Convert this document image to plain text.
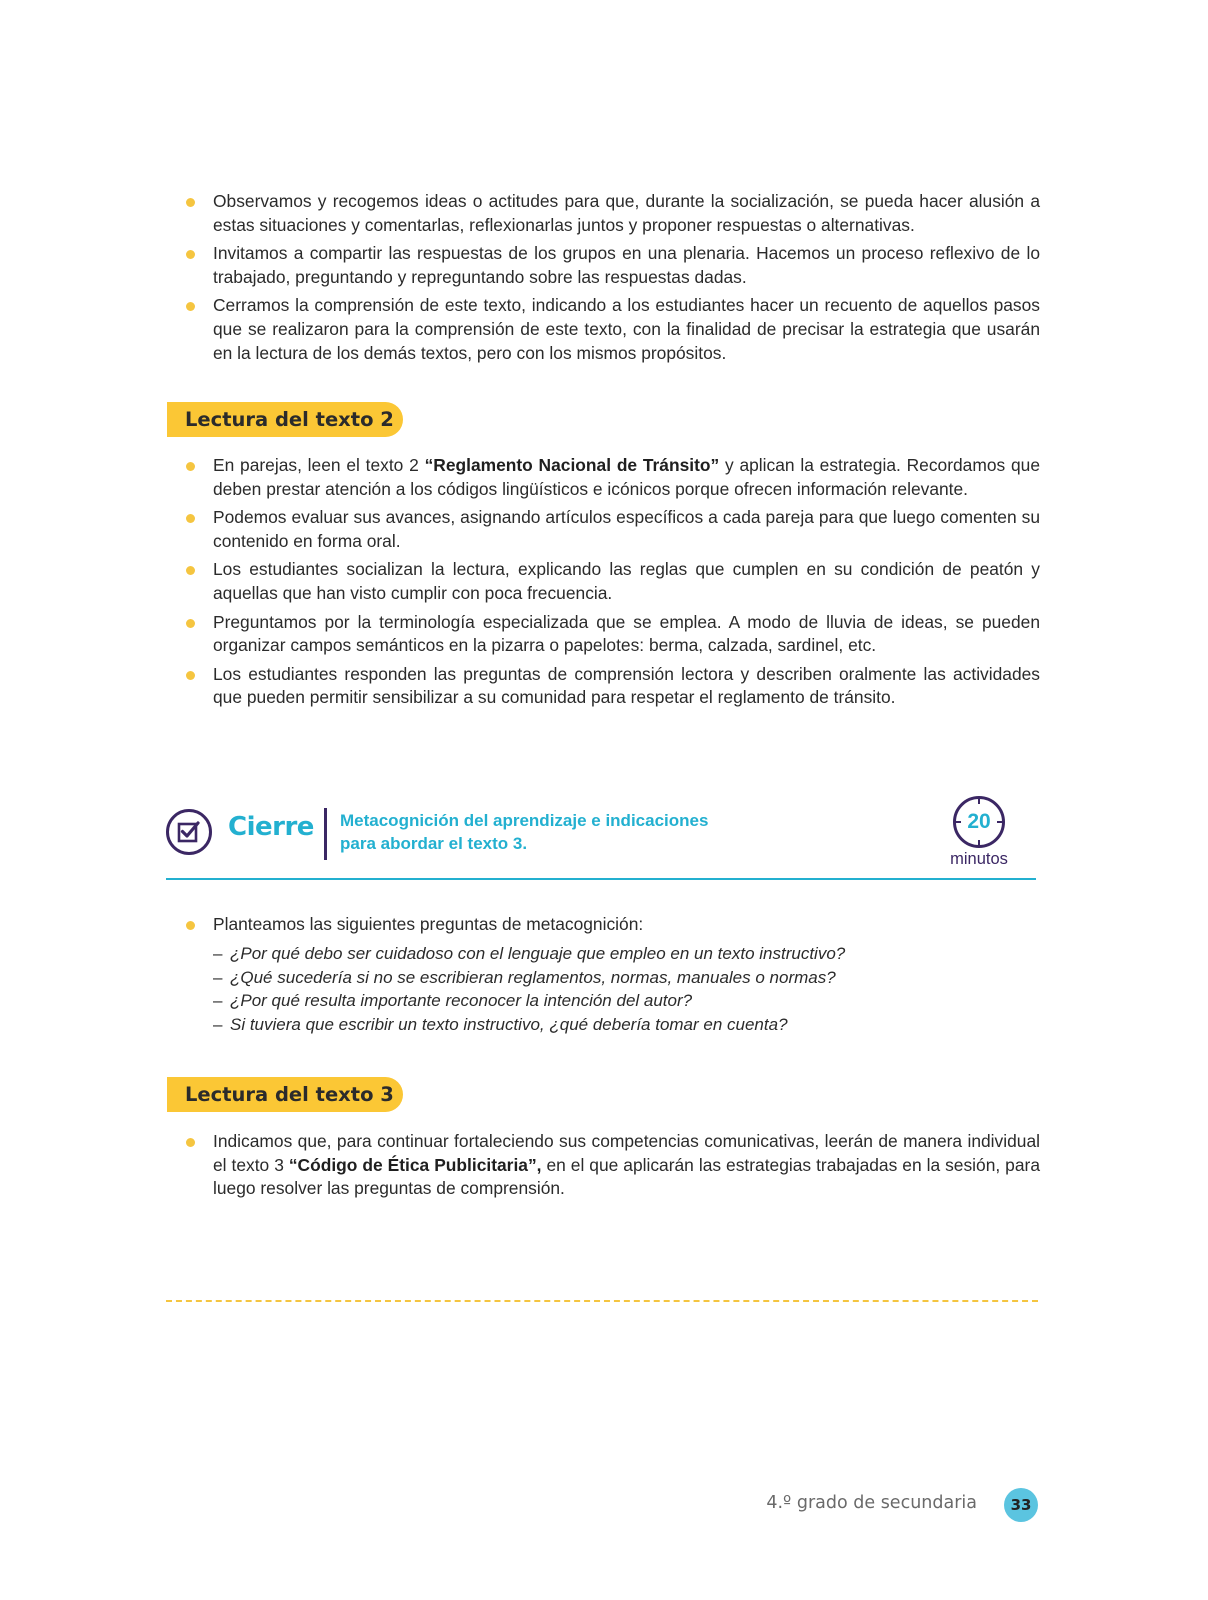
Observamos y recogemos ideas o actitudes para que, durante la socialización, se pueda hacer alusión a estas situaciones y comentarlas, reflexionarlas juntos y proponer respuestas o alternativas.
Invitamos a compartir las respuestas de los grupos en una plenaria. Hacemos un proceso reflexivo de lo trabajado, preguntando y repreguntando sobre las respuestas dadas.
Cerramos la comprensión de este texto, indicando a los estudiantes hacer un recuento de aquellos pasos que se realizaron para la comprensión de este texto, con la finalidad de precisar la estrategia que usarán en la lectura de los demás textos, pero con los mismos propósitos.
Lectura del texto 2
En parejas, leen el texto 2 “Reglamento Nacional de Tránsito” y aplican la estrategia. Recordamos que deben prestar atención a los códigos lingüísticos e icónicos porque ofrecen información relevante.
Podemos evaluar sus avances, asignando artículos específicos a cada pareja para que luego comenten su contenido en forma oral.
Los estudiantes socializan la lectura, explicando las reglas que cumplen en su condición de peatón y aquellas que han visto cumplir con poca frecuencia.
Preguntamos por la terminología especializada que se emplea. A modo de lluvia de ideas, se pueden organizar campos semánticos en la pizarra o papelotes: berma, calzada, sardinel, etc.
Los estudiantes responden las preguntas de comprensión lectora y describen oralmente las actividades que pueden permitir sensibilizar a su comunidad para respetar el reglamento de tránsito.
Cierre Metacognición del aprendizaje e indicaciones
para abordar el texto 3.
20
minutos
Planteamos las siguientes preguntas de metacognición:
– ¿Por qué debo ser cuidadoso con el lenguaje que empleo en un texto instructivo?
– ¿Qué sucedería si no se escribieran reglamentos, normas, manuales o normas?
– ¿Por qué resulta importante reconocer la intención del autor?
– Si tuviera que escribir un texto instructivo, ¿qué debería tomar en cuenta?
Lectura del texto 3
Indicamos que, para continuar fortaleciendo sus competencias comunicativas, leerán de manera individual el texto 3 “Código de Ética Publicitaria”, en el que aplicarán las estrategias trabajadas en la sesión, para luego resolver las preguntas de comprensión.
4.º grado de secundaria	33
